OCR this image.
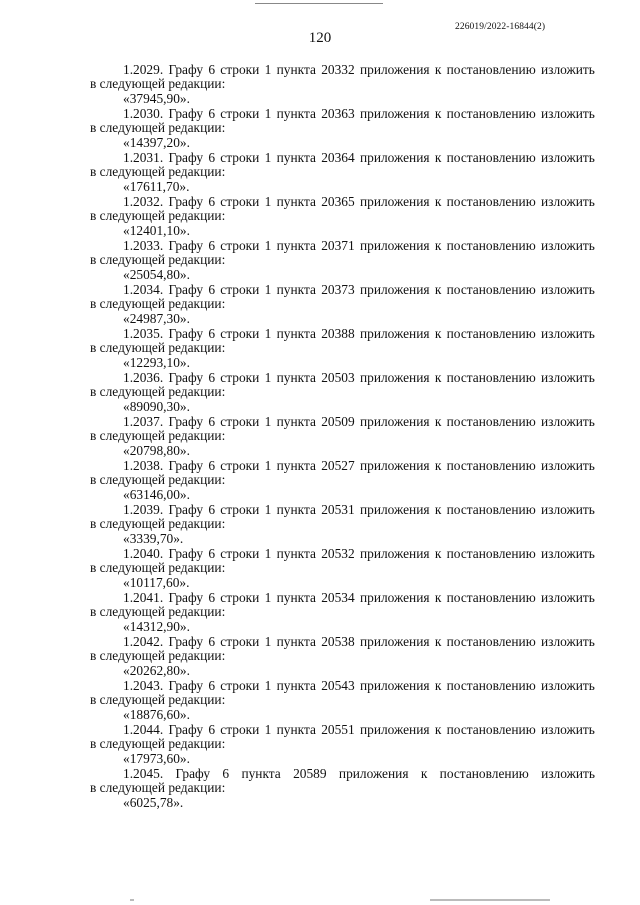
120
226019/2022-16844(2)
1.2029. Графу 6 строки 1 пункта 20332 приложения к постановлению изложить
в следующей редакции:
«37945,90».
1.2030. Графу 6 строки 1 пункта 20363 приложения к постановлению изложить
в следующей редакции:
«14397,20».
1.2031. Графу 6 строки 1 пункта 20364 приложения к постановлению изложить
в следующей редакции:
«17611,70».
1.2032. Графу 6 строки 1 пункта 20365 приложения к постановлению изложить
в следующей редакции:
«12401,10».
1.2033. Графу 6 строки 1 пункта 20371 приложения к постановлению изложить
в следующей редакции:
«25054,80».
1.2034. Графу 6 строки 1 пункта 20373 приложения к постановлению изложить
в следующей редакции:
«24987,30».
1.2035. Графу 6 строки 1 пункта 20388 приложения к постановлению изложить
в следующей редакции:
«12293,10».
1.2036. Графу 6 строки 1 пункта 20503 приложения к постановлению изложить
в следующей редакции:
«89090,30».
1.2037. Графу 6 строки 1 пункта 20509 приложения к постановлению изложить
в следующей редакции:
«20798,80».
1.2038. Графу 6 строки 1 пункта 20527 приложения к постановлению изложить
в следующей редакции:
«63146,00».
1.2039. Графу 6 строки 1 пункта 20531 приложения к постановлению изложить
в следующей редакции:
«3339,70».
1.2040. Графу 6 строки 1 пункта 20532 приложения к постановлению изложить
в следующей редакции:
«10117,60».
1.2041. Графу 6 строки 1 пункта 20534 приложения к постановлению изложить
в следующей редакции:
«14312,90».
1.2042. Графу 6 строки 1 пункта 20538 приложения к постановлению изложить
в следующей редакции:
«20262,80».
1.2043. Графу 6 строки 1 пункта 20543 приложения к постановлению изложить
в следующей редакции:
«18876,60».
1.2044. Графу 6 строки 1 пункта 20551 приложения к постановлению изложить
в следующей редакции:
«17973,60».
1.2045. Графу 6 пункта 20589 приложения к постановлению изложить
в следующей редакции:
«6025,78».
